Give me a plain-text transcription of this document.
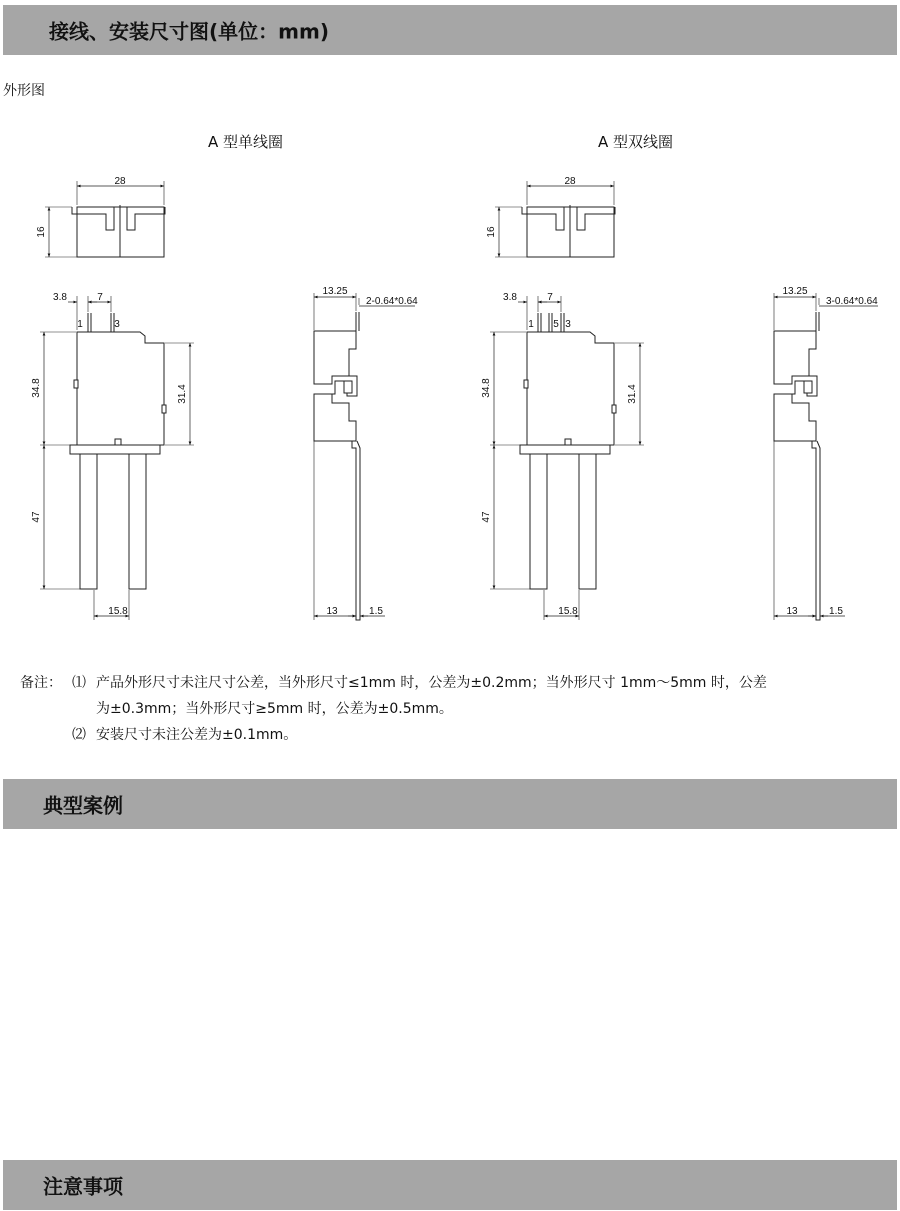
接线、安装尺寸图(单位：mm)
外形图
A 型单线圈	A 型双线圈
28
16
3.8	7
1	3
34.8	31.4
47
15.8
13.25
2-0.64*0.64
13	1.5
28
16
3.8	7
1 5 3
34.8	31.4
47
15.8
13.25
3-0.64*0.64
13	1.5
备注： ⑴ 产品外形尺寸未注尺寸公差，当外形尺寸≤1mm 时，公差为±0.2mm；当外形尺寸 1mm～5mm 时，公差
为±0.3mm；当外形尺寸≥5mm 时，公差为±0.5mm。
⑵ 安装尺寸未注公差为±0.1mm。
典型案例
注意事项
